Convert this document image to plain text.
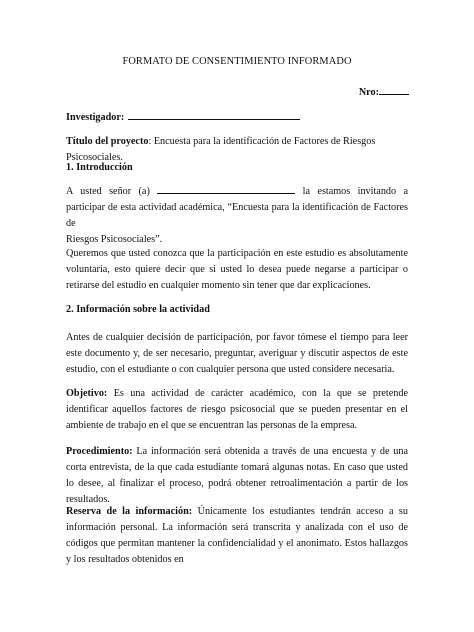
FORMATO DE CONSENTIMIENTO INFORMADO
Nro:
Investigador:

Título del proyecto: Encuesta para la identificación de Factores de Riesgos Psicosociales.

1. Introducción
A usted señor (a)	la estamos invitando a
participar de esta actividad académica, “Encuesta para la identificación de Factores de
Riesgos Psicosociales”.

Queremos que usted conozca que la participación en este estudio es absolutamente voluntaria, esto quiere decir que si usted lo desea puede negarse a participar o retirarse del estudio en cualquier momento sin tener que dar explicaciones.

2. Información sobre la actividad

Antes de cualquier decisión de participación, por favor tómese el tiempo para leer este documento y, de ser necesario, preguntar, averiguar y discutir aspectos de este estudio, con el estudiante o con cualquier persona que usted considere necesaria.

Objetivo: Es una actividad de carácter académico, con la que se pretende identificar aquellos factores de riesgo psicosocial que se pueden presentar en el ambiente de trabajo en el que se encuentran las personas de la empresa.

Procedimiento: La información será obtenida a través de una encuesta y de una corta entrevista, de la que cada estudiante tomará algunas notas. En caso que usted lo desee, al finalizar el proceso, podrá obtener retroalimentación a partir de los resultados.

Reserva de la información: Únicamente los estudiantes tendrán acceso a su información personal. La información será transcrita y analizada con el uso de códigos que permitan mantener la confidencialidad y el anonimato. Estos hallazgos y los resultados obtenidos en
